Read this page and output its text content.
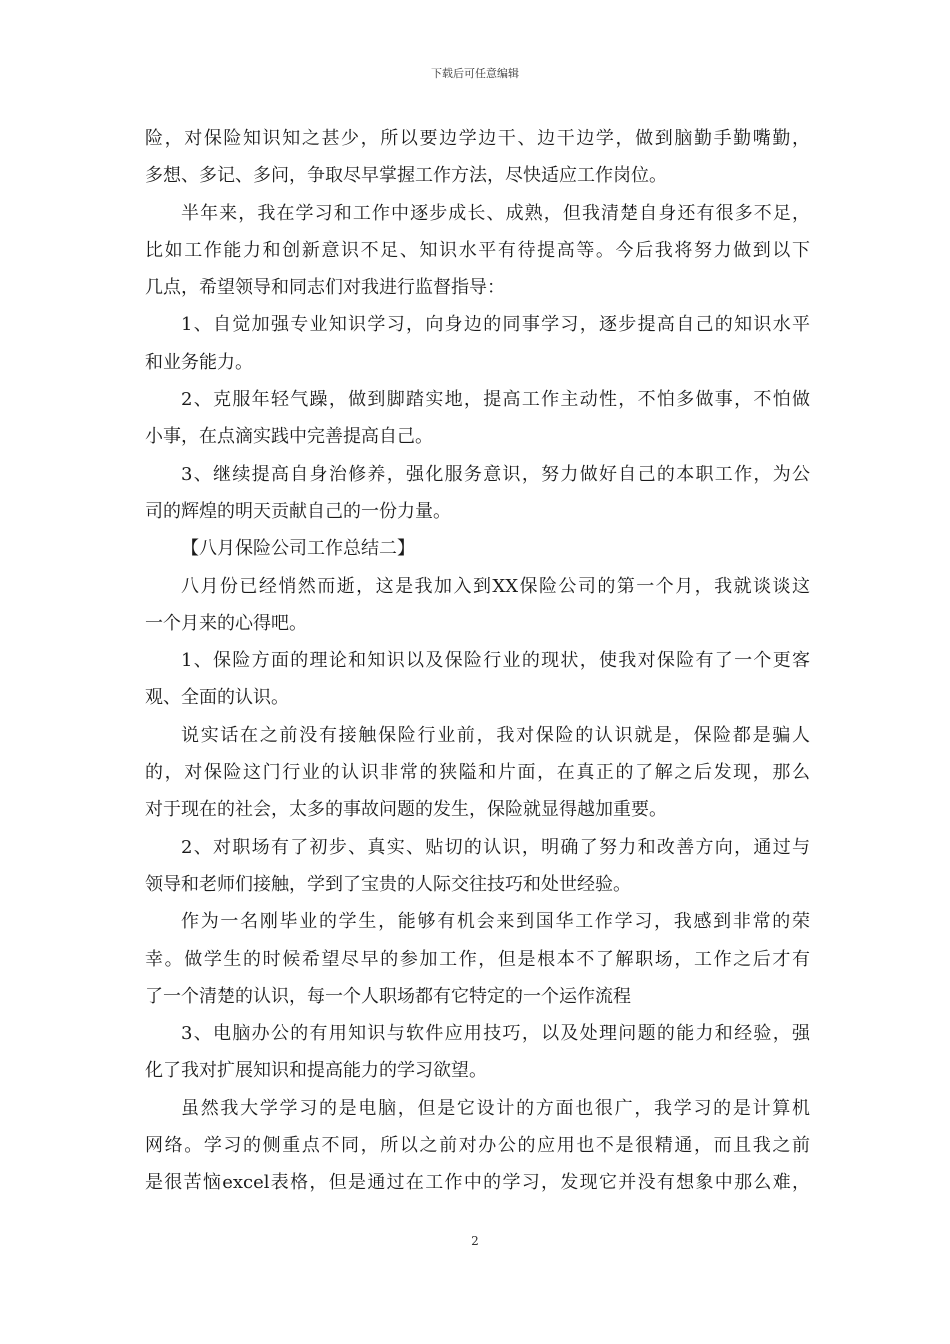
下载后可任意编辑
险，对保险知识知之甚少，所以要边学边干、边干边学，做到脑勤手勤嘴勤，
多想、多记、多问，争取尽早掌握工作方法，尽快适应工作岗位。
半年来，我在学习和工作中逐步成长、成熟，但我清楚自身还有很多不足，
比如工作能力和创新意识不足、知识水平有待提高等。今后我将努力做到以下
几点，希望领导和同志们对我进行监督指导：
1、自觉加强专业知识学习，向身边的同事学习，逐步提高自己的知识水平
和业务能力。
2、克服年轻气躁，做到脚踏实地，提高工作主动性，不怕多做事，不怕做
小事，在点滴实践中完善提高自己。
3、继续提高自身治修养，强化服务意识，努力做好自己的本职工作，为公
司的辉煌的明天贡献自己的一份力量。
【八月保险公司工作总结二】
八月份已经悄然而逝，这是我加入到XX保险公司的第一个月，我就谈谈这
一个月来的心得吧。
1、保险方面的理论和知识以及保险行业的现状，使我对保险有了一个更客
观、全面的认识。
说实话在之前没有接触保险行业前，我对保险的认识就是，保险都是骗人
的，对保险这门行业的认识非常的狭隘和片面，在真正的了解之后发现，那么
对于现在的社会，太多的事故问题的发生，保险就显得越加重要。
2、对职场有了初步、真实、贴切的认识，明确了努力和改善方向，通过与
领导和老师们接触，学到了宝贵的人际交往技巧和处世经验。
作为一名刚毕业的学生，能够有机会来到国华工作学习，我感到非常的荣
幸。做学生的时候希望尽早的参加工作，但是根本不了解职场，工作之后才有
了一个清楚的认识，每一个人职场都有它特定的一个运作流程
3、电脑办公的有用知识与软件应用技巧，以及处理问题的能力和经验，强
化了我对扩展知识和提高能力的学习欲望。
虽然我大学学习的是电脑，但是它设计的方面也很广，我学习的是计算机
网络。学习的侧重点不同，所以之前对办公的应用也不是很精通，而且我之前
是很苦恼excel表格，但是通过在工作中的学习，发现它并没有想象中那么难，
2
